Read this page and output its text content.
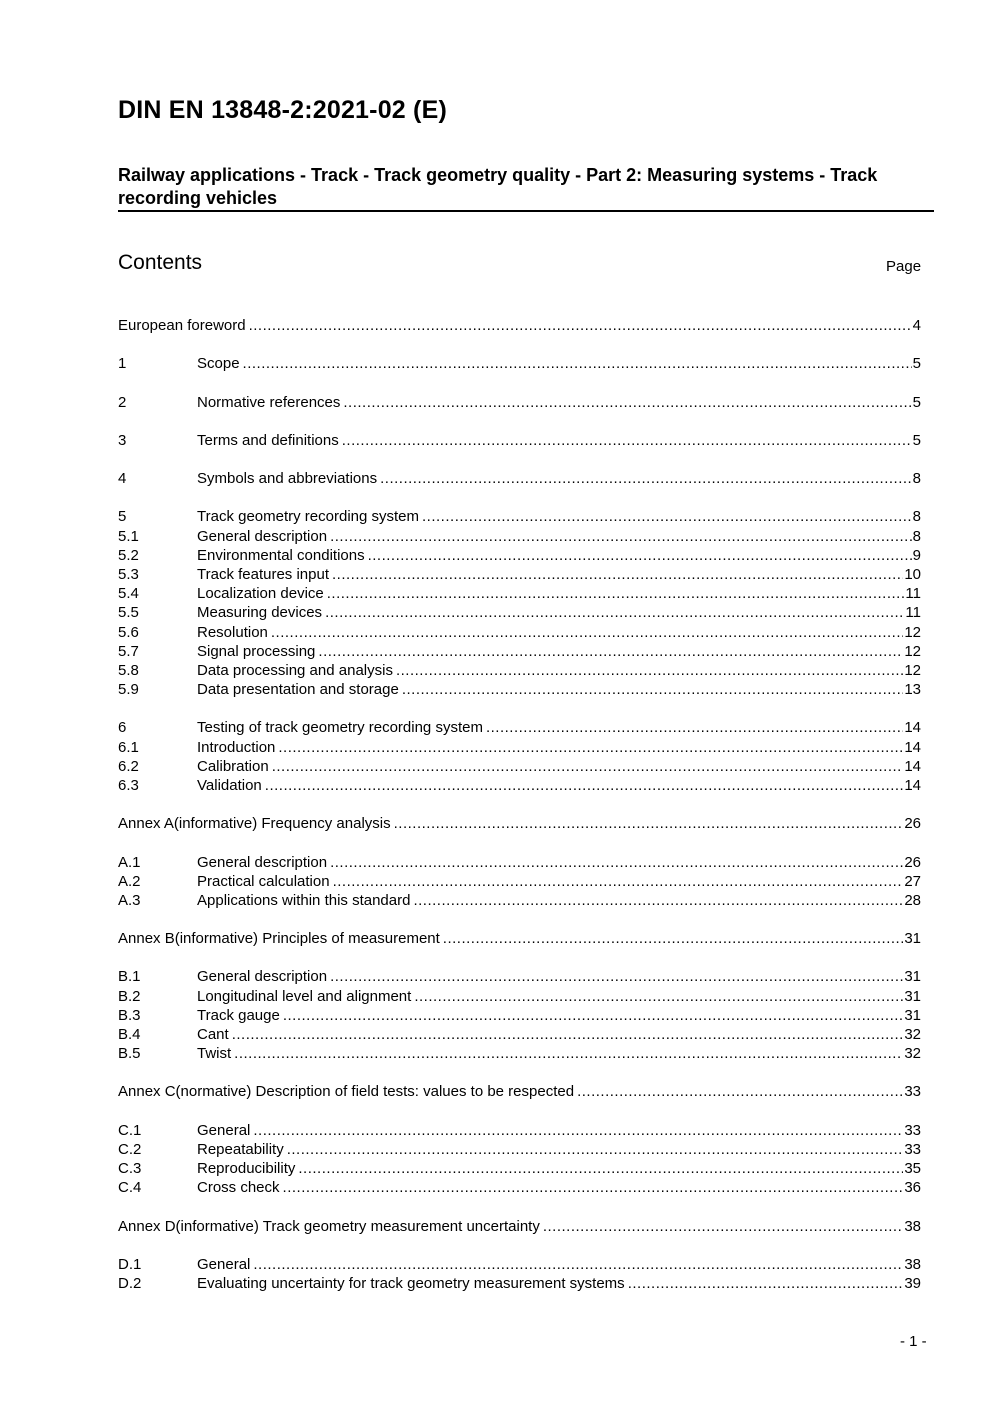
DIN EN 13848-2:2021-02 (E)
Railway applications - Track - Track geometry quality - Part 2: Measuring systems - Track recording vehicles
Contents	Page
European foreword .....	4
1	Scope .....	5
2	Normative references .....	5
3	Terms and definitions .....	5
4	Symbols and abbreviations .....	8
5	Track geometry recording system .....	8
5.1	General description .....	8
5.2	Environmental conditions .....	9
5.3	Track features input .....	10
5.4	Localization device .....	11
5.5	Measuring devices .....	11
5.6	Resolution .....	12
5.7	Signal processing .....	12
5.8	Data processing and analysis .....	12
5.9	Data presentation and storage .....	13
6	Testing of track geometry recording system .....	14
6.1	Introduction .....	14
6.2	Calibration .....	14
6.3	Validation .....	14
Annex A(informative) Frequency analysis .....	26
A.1	General description .....	26
A.2	Practical calculation .....	27
A.3	Applications within this standard .....	28
Annex B(informative) Principles of measurement .....	31
B.1	General description .....	31
B.2	Longitudinal level and alignment .....	31
B.3	Track gauge .....	31
B.4	Cant .....	32
B.5	Twist .....	32
Annex C(normative) Description of field tests: values to be respected .....	33
C.1	General .....	33
C.2	Repeatability .....	33
C.3	Reproducibility .....	35
C.4	Cross check .....	36
Annex D(informative) Track geometry measurement uncertainty .....	38
D.1	General .....	38
D.2	Evaluating uncertainty for track geometry measurement systems .....	39
- 1 -
